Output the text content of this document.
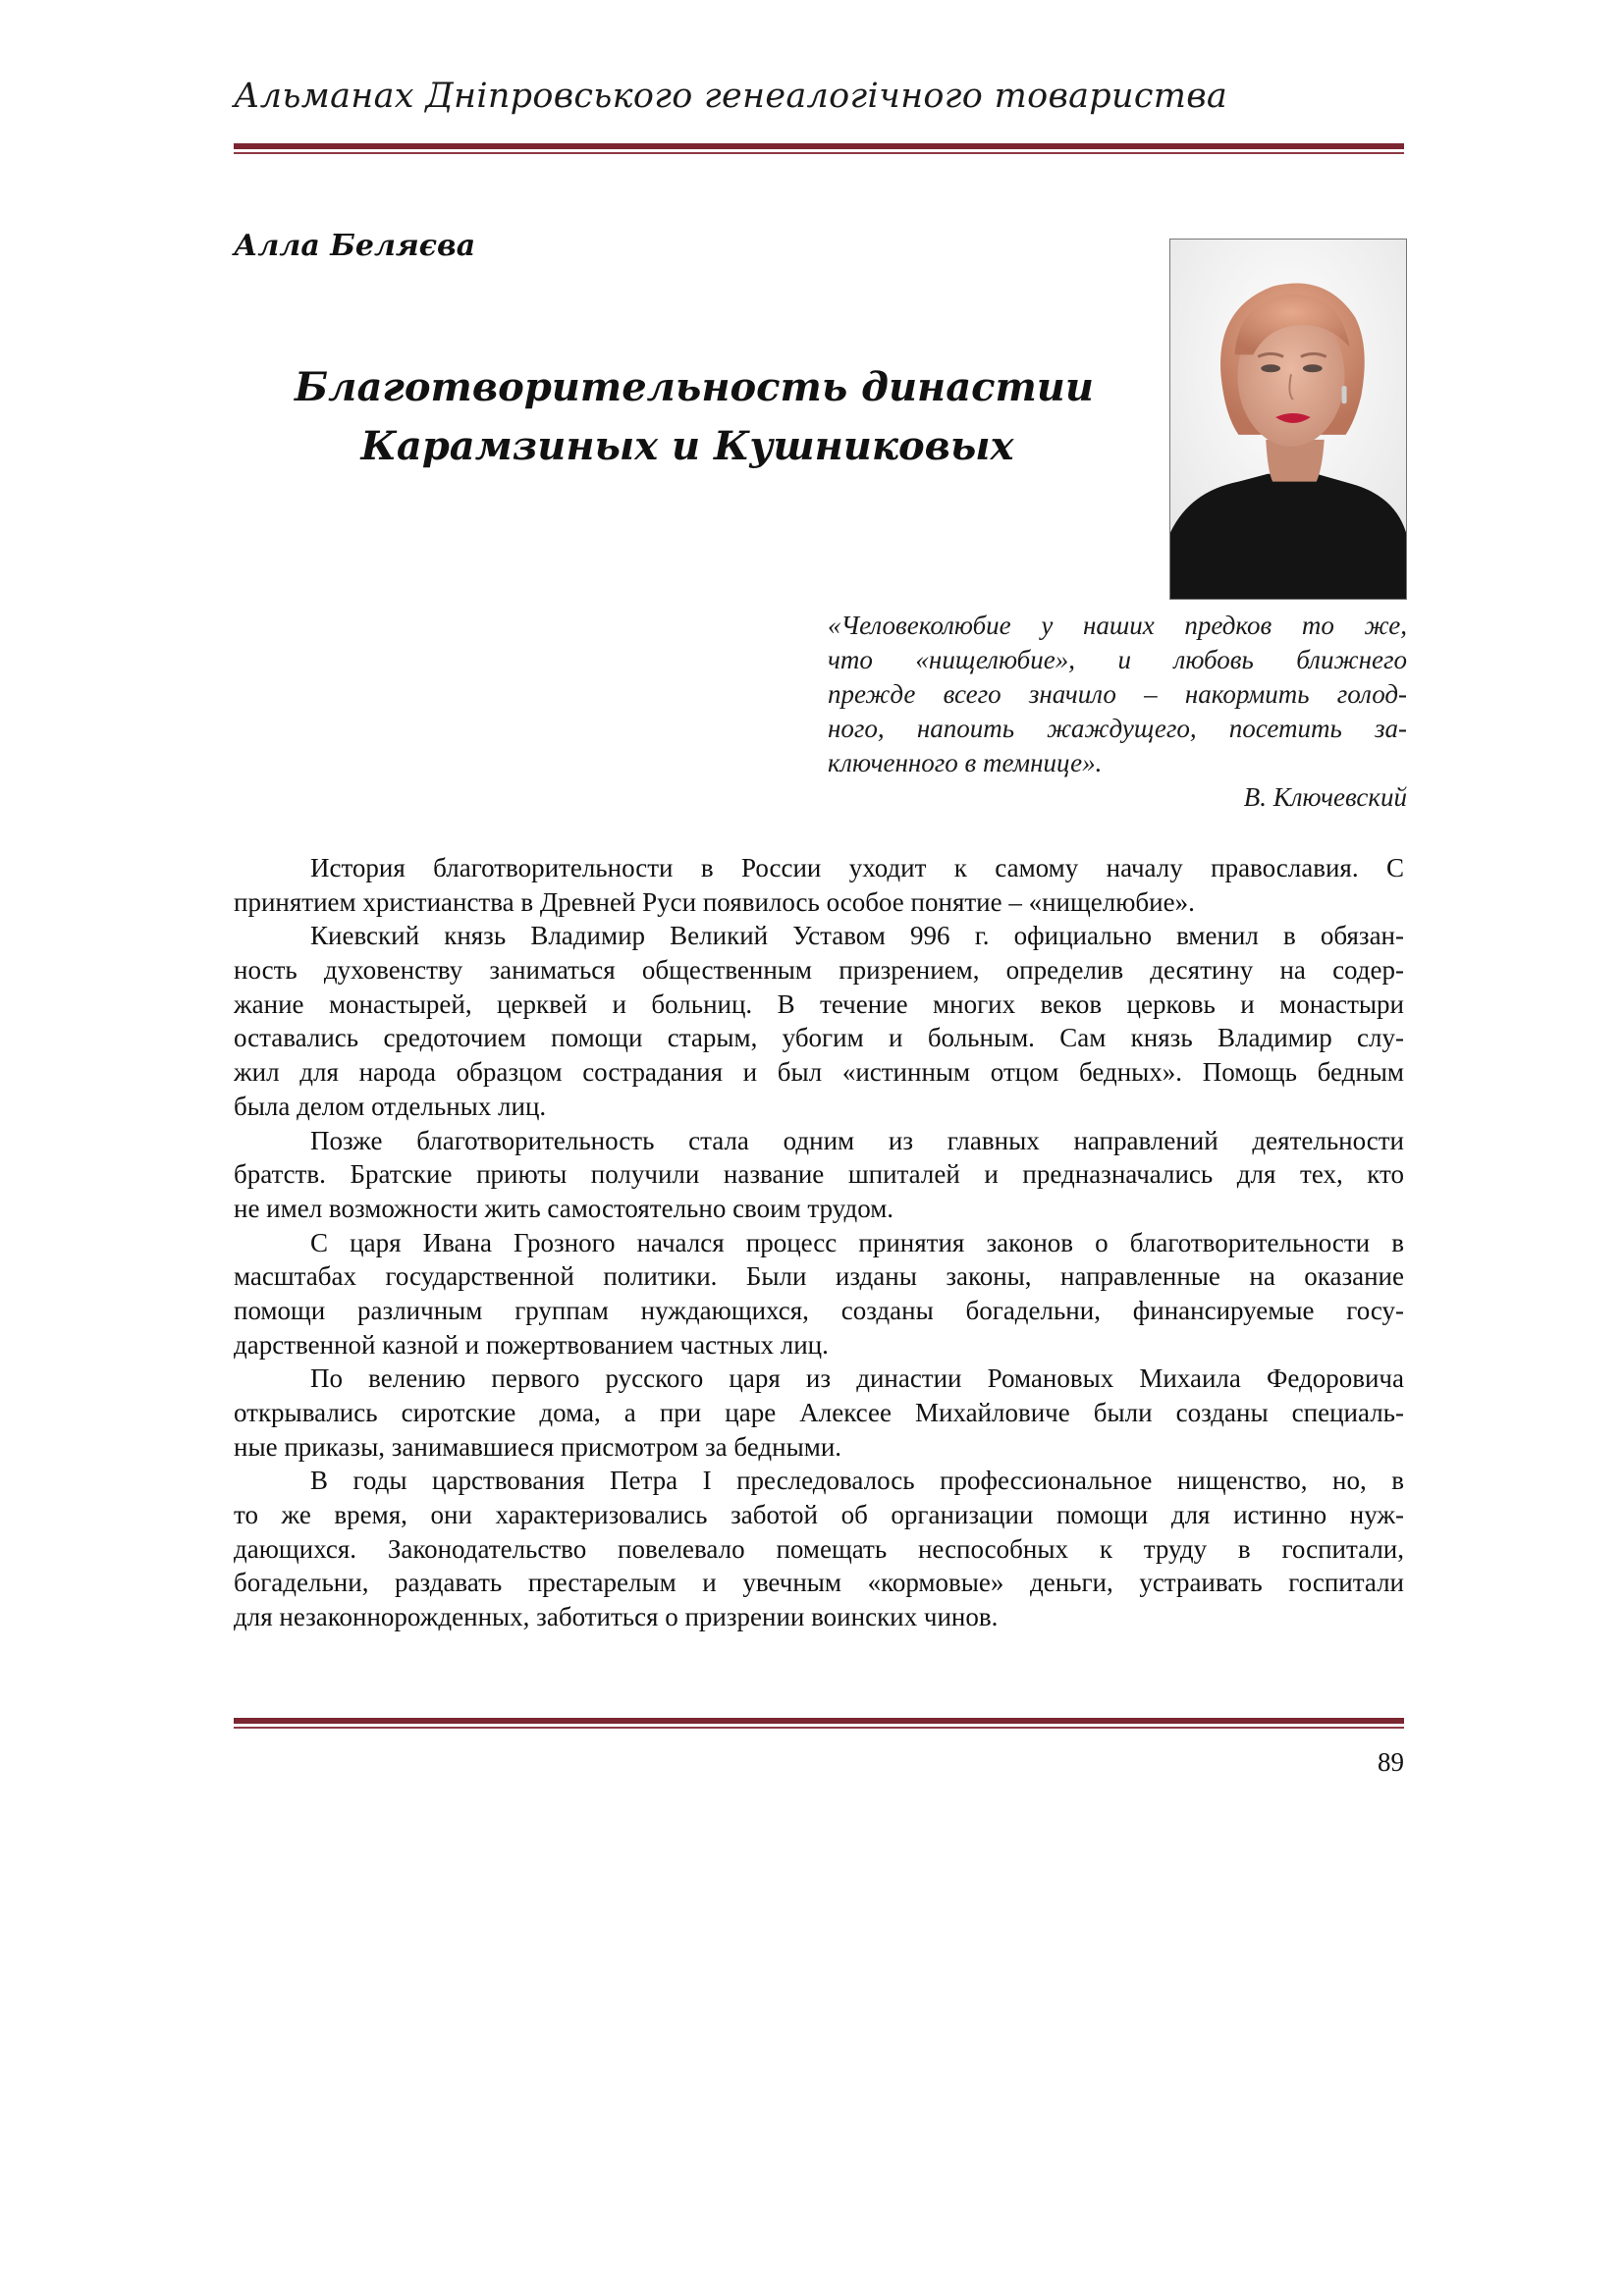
Альманах Дніпровського генеалогічного товариства
Алла Беляєва
Благотворительность династии
Карамзиных и Кушниковых
«Человеколюбие у наших предков то же,
что «нищелюбие», и любовь ближнего
прежде всего значило – накормить голод-
ного, напоить жаждущего, посетить за-
ключенного в темнице».
В. Ключевский
История благотворительности в России уходит к самому началу православия. С
принятием христианства в Древней Руси появилось особое понятие – «нищелюбие».
Киевский князь Владимир Великий Уставом 996 г. официально вменил в обязан-
ность духовенству заниматься общественным призрением, определив десятину на содер-
жание монастырей, церквей и больниц. В течение многих веков церковь и монастыри
оставались средоточием помощи старым, убогим и больным. Сам князь Владимир слу-
жил для народа образцом сострадания и был «истинным отцом бедных». Помощь бедным
была делом отдельных лиц.
Позже благотворительность стала одним из главных направлений деятельности
братств. Братские приюты получили название шпиталей и предназначались для тех, кто
не имел возможности жить самостоятельно своим трудом.
С царя Ивана Грозного начался процесс принятия законов о благотворительности в
масштабах государственной политики. Были изданы законы, направленные на оказание
помощи различным группам нуждающихся, созданы богадельни, финансируемые госу-
дарственной казной и пожертвованием частных лиц.
По велению первого русского царя из династии Романовых Михаила Федоровича
открывались сиротские дома, а при царе Алексее Михайловиче были созданы специаль-
ные приказы, занимавшиеся присмотром за бедными.
В годы царствования Петра I преследовалось профессиональное нищенство, но, в
то же время, они характеризовались заботой об организации помощи для истинно нуж-
дающихся. Законодательство повелевало помещать неспособных к труду в госпитали,
богадельни, раздавать престарелым и увечным «кормовые» деньги, устраивать госпитали
для незаконнорожденных, заботиться о призрении воинских чинов.
89
